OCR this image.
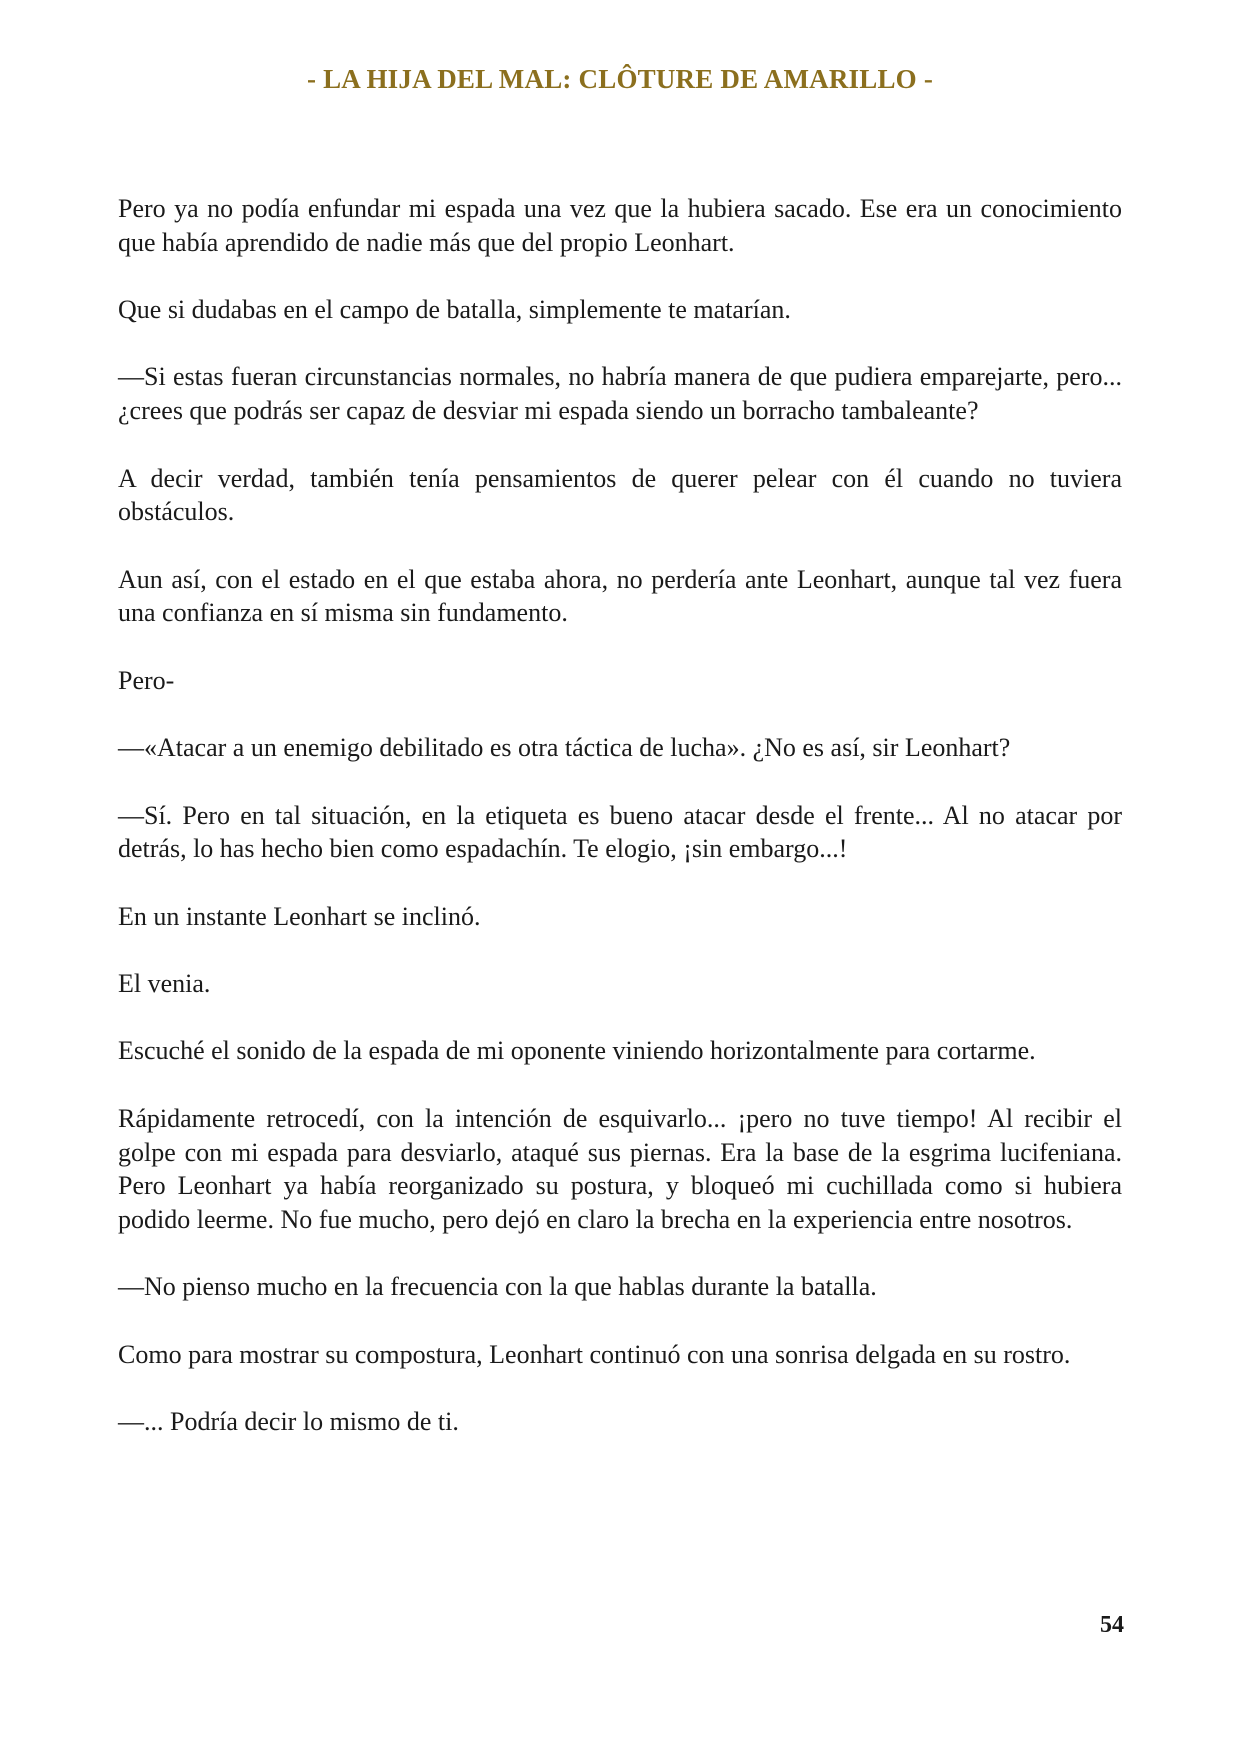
- LA HIJA DEL MAL: CLÔTURE DE AMARILLO -

Pero ya no podía enfundar mi espada una vez que la hubiera sacado. Ese era un conocimiento que había aprendido de nadie más que del propio Leonhart.

Que si dudabas en el campo de batalla, simplemente te matarían.

—Si estas fueran circunstancias normales, no habría manera de que pudiera emparejarte, pero... ¿crees que podrás ser capaz de desviar mi espada siendo un borracho tambaleante?

A decir verdad, también tenía pensamientos de querer pelear con él cuando no tuviera obstáculos.

Aun así, con el estado en el que estaba ahora, no perdería ante Leonhart, aunque tal vez fuera una confianza en sí misma sin fundamento.

Pero-

—«Atacar a un enemigo debilitado es otra táctica de lucha». ¿No es así, sir Leonhart?

—Sí. Pero en tal situación, en la etiqueta es bueno atacar desde el frente... Al no atacar por detrás, lo has hecho bien como espadachín. Te elogio, ¡sin embargo...!

En un instante Leonhart se inclinó.

El venia.

Escuché el sonido de la espada de mi oponente viniendo horizontalmente para cortarme.

Rápidamente retrocedí, con la intención de esquivarlo... ¡pero no tuve tiempo! Al recibir el golpe con mi espada para desviarlo, ataqué sus piernas. Era la base de la esgrima lucifeniana. Pero Leonhart ya había reorganizado su postura, y bloqueó mi cuchillada como si hubiera podido leerme. No fue mucho, pero dejó en claro la brecha en la experiencia entre nosotros.

—No pienso mucho en la frecuencia con la que hablas durante la batalla.

Como para mostrar su compostura, Leonhart continuó con una sonrisa delgada en su rostro.

—... Podría decir lo mismo de ti.

54
